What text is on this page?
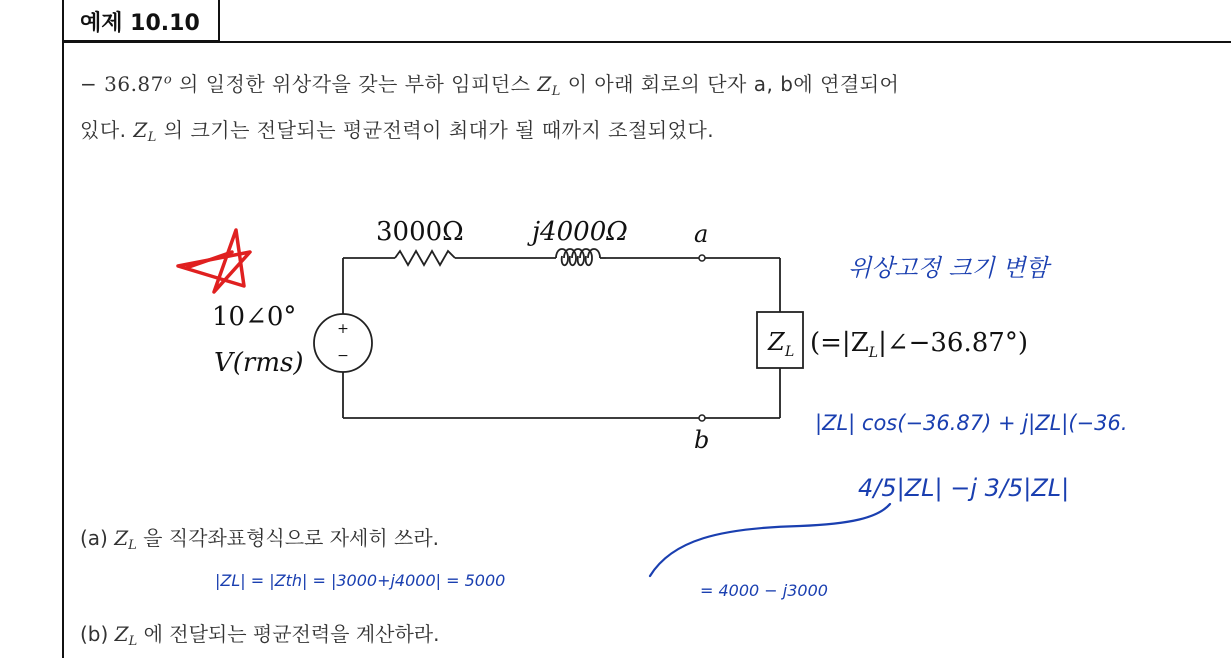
예제 10.10
− $36.87^o$ 의 일정한 위상각을 갖는 부하 임피던스 $Z_L$ 이 아래 회로의 단자 a, b에 연결되어
있다. $Z_L$ 의 크기는 전달되는 평균전력이 최대가 될 때까지 조절되었다.
+
−	Z L
3000Ω	j4000Ω	a
b
10∠0°
V(rms)
$(=|Z_L|\angle-36.87^\circ)$
위상고정 크기 변함
|ZL| cos(−36.87) + j|ZL|(−36.
4/5|ZL| −j 3/5|ZL|
|ZL| = |Zth| = |3000+j4000| = 5000
= 4000 − j3000
(a) $Z_L$ 을 직각좌표형식으로 자세히 쓰라.
(b) $Z_L$ 에 전달되는 평균전력을 계산하라.
